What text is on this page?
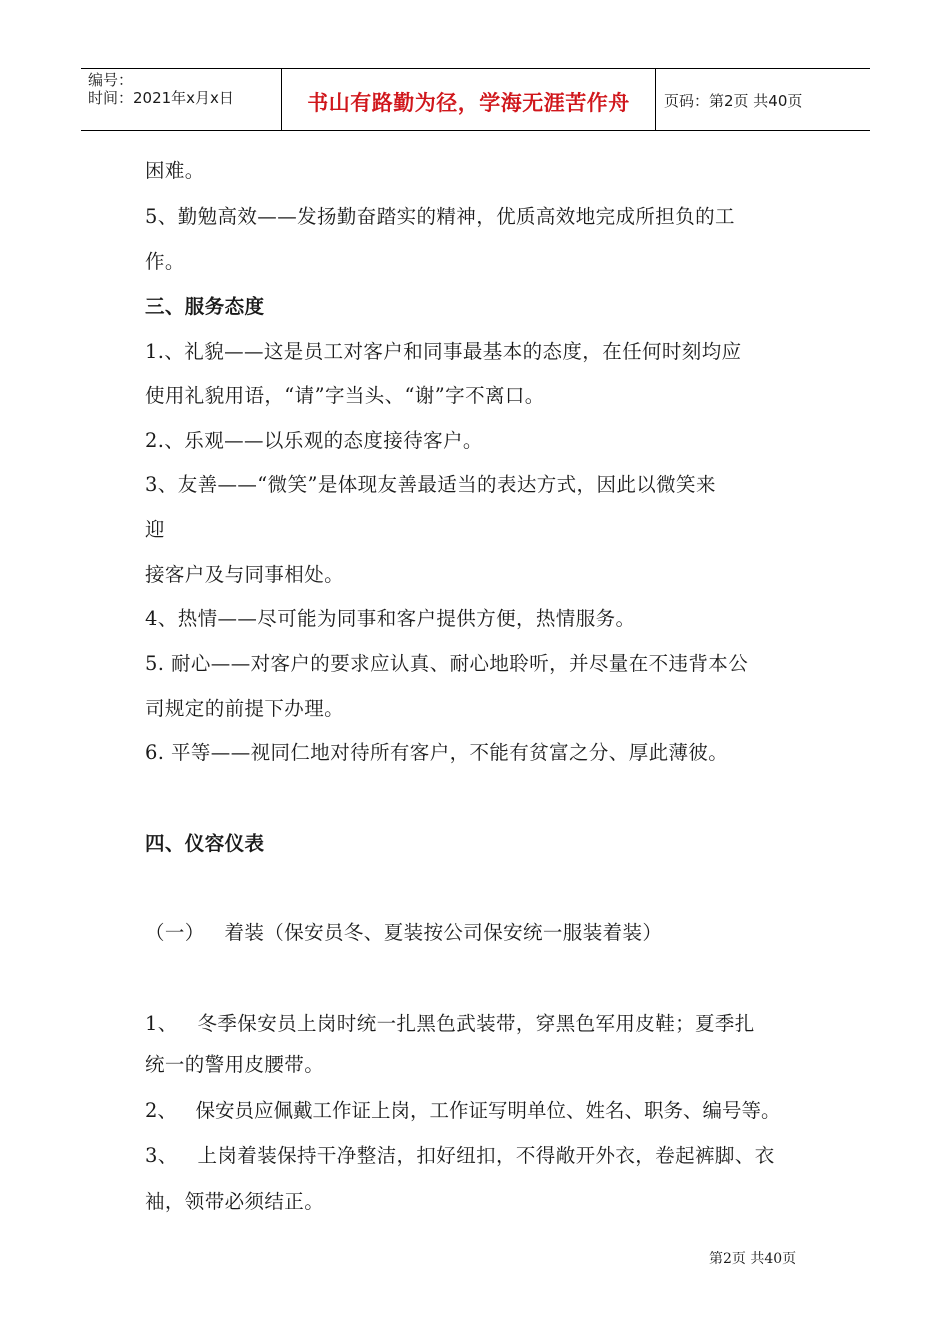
编号：
时间：2021年x月x日	书山有路勤为径，学海无涯苦作舟	页码：第2页 共40页
困难。
5、勤勉高效——发扬勤奋踏实的精神，优质高效地完成所担负的工
作。
三、服务态度
1.、礼貌——这是员工对客户和同事最基本的态度，在任何时刻均应
使用礼貌用语，“请”字当头、“谢”字不离口。
2.、乐观——以乐观的态度接待客户。
3、友善——“微笑”是体现友善最适当的表达方式，因此以微笑来
迎
接客户及与同事相处。
4、热情——尽可能为同事和客户提供方便，热情服务。
5. 耐心——对客户的要求应认真、耐心地聆听，并尽量在不违背本公
司规定的前提下办理。
6. 平等——视同仁地对待所有客户，不能有贫富之分、厚此薄彼。
四、仪容仪表
（一）   着装（保安员冬、夏装按公司保安统一服装着装）
1、   冬季保安员上岗时统一扎黑色武装带，穿黑色军用皮鞋；夏季扎
统一的警用皮腰带。
2、   保安员应佩戴工作证上岗，工作证写明单位、姓名、职务、编号等。
3、   上岗着装保持干净整洁，扣好纽扣，不得敞开外衣，卷起裤脚、衣
袖，领带必须结正。
第2页 共40页
